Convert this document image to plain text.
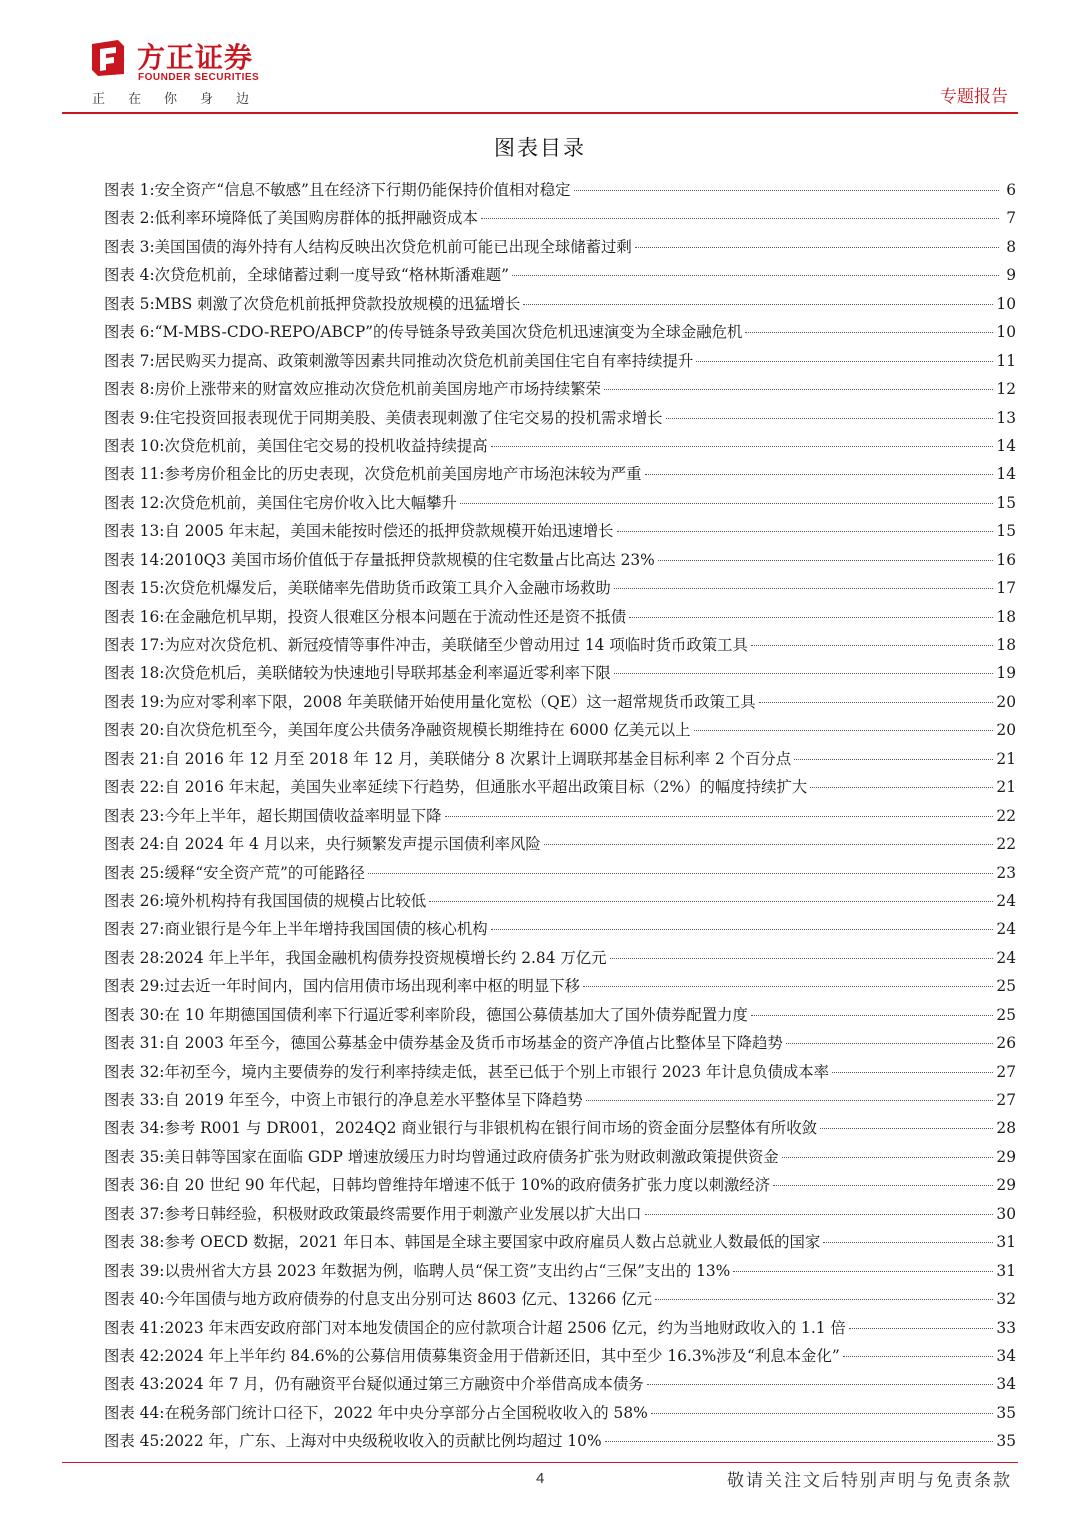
方正证券
FOUNDER SECURITIES
正在你身边	专题报告
图表目录
图表 1: 安全资产“信息不敏感”且在经济下行期仍能保持价值相对稳定	6
图表 2: 低利率环境降低了美国购房群体的抵押融资成本	7
图表 3: 美国国债的海外持有人结构反映出次贷危机前可能已出现全球储蓄过剩	8
图表 4: 次贷危机前，全球储蓄过剩一度导致“格林斯潘难题”	9
图表 5: MBS 刺激了次贷危机前抵押贷款投放规模的迅猛增长	10
图表 6: “M-MBS-CDO-REPO/ABCP”的传导链条导致美国次贷危机迅速演变为全球金融危机	10
图表 7: 居民购买力提高、政策刺激等因素共同推动次贷危机前美国住宅自有率持续提升	11
图表 8: 房价上涨带来的财富效应推动次贷危机前美国房地产市场持续繁荣	12
图表 9: 住宅投资回报表现优于同期美股、美债表现刺激了住宅交易的投机需求增长	13
图表 10: 次贷危机前，美国住宅交易的投机收益持续提高	14
图表 11: 参考房价租金比的历史表现，次贷危机前美国房地产市场泡沫较为严重	14
图表 12: 次贷危机前，美国住宅房价收入比大幅攀升	15
图表 13: 自 2005 年末起，美国未能按时偿还的抵押贷款规模开始迅速增长	15
图表 14: 2010Q3 美国市场价值低于存量抵押贷款规模的住宅数量占比高达 23%	16
图表 15: 次贷危机爆发后，美联储率先借助货币政策工具介入金融市场救助	17
图表 16: 在金融危机早期，投资人很难区分根本问题在于流动性还是资不抵债	18
图表 17: 为应对次贷危机、新冠疫情等事件冲击，美联储至少曾动用过 14 项临时货币政策工具	18
图表 18: 次贷危机后，美联储较为快速地引导联邦基金利率逼近零利率下限	19
图表 19: 为应对零利率下限，2008 年美联储开始使用量化宽松（QE）这一超常规货币政策工具	20
图表 20: 自次贷危机至今，美国年度公共债务净融资规模长期维持在 6000 亿美元以上	20
图表 21: 自 2016 年 12 月至 2018 年 12 月，美联储分 8 次累计上调联邦基金目标利率 2 个百分点	21
图表 22: 自 2016 年末起，美国失业率延续下行趋势，但通胀水平超出政策目标（2%）的幅度持续扩大	21
图表 23: 今年上半年，超长期国债收益率明显下降	22
图表 24: 自 2024 年 4 月以来，央行频繁发声提示国债利率风险	22
图表 25: 缓释“安全资产荒”的可能路径	23
图表 26: 境外机构持有我国国债的规模占比较低	24
图表 27: 商业银行是今年上半年增持我国国债的核心机构	24
图表 28: 2024 年上半年，我国金融机构债券投资规模增长约 2.84 万亿元	24
图表 29: 过去近一年时间内，国内信用债市场出现利率中枢的明显下移	25
图表 30: 在 10 年期德国国债利率下行逼近零利率阶段，德国公募债基加大了国外债券配置力度	25
图表 31: 自 2003 年至今，德国公募基金中债券基金及货币市场基金的资产净值占比整体呈下降趋势	26
图表 32: 年初至今，境内主要债券的发行利率持续走低，甚至已低于个别上市银行 2023 年计息负债成本率	27
图表 33: 自 2019 年至今，中资上市银行的净息差水平整体呈下降趋势	27
图表 34: 参考 R001 与 DR001，2024Q2 商业银行与非银机构在银行间市场的资金面分层整体有所收敛	28
图表 35: 美日韩等国家在面临 GDP 增速放缓压力时均曾通过政府债务扩张为财政刺激政策提供资金	29
图表 36: 自 20 世纪 90 年代起，日韩均曾维持年增速不低于 10%的政府债务扩张力度以刺激经济	29
图表 37: 参考日韩经验，积极财政政策最终需要作用于刺激产业发展以扩大出口	30
图表 38: 参考 OECD 数据，2021 年日本、韩国是全球主要国家中政府雇员人数占总就业人数最低的国家	31
图表 39: 以贵州省大方县 2023 年数据为例，临聘人员“保工资”支出约占“三保”支出的 13%	31
图表 40: 今年国债与地方政府债券的付息支出分别可达 8603 亿元、13266 亿元	32
图表 41: 2023 年末西安政府部门对本地发债国企的应付款项合计超 2506 亿元，约为当地财政收入的 1.1 倍	33
图表 42: 2024 年上半年约 84.6%的公募信用债募集资金用于借新还旧，其中至少 16.3%涉及“利息本金化”	34
图表 43: 2024 年 7 月，仍有融资平台疑似通过第三方融资中介举借高成本债务	34
图表 44: 在税务部门统计口径下，2022 年中央分享部分占全国税收收入的 58%	35
图表 45: 2022 年，广东、上海对中央级税收收入的贡献比例均超过 10%	35
4	敬请关注文后特别声明与免责条款
